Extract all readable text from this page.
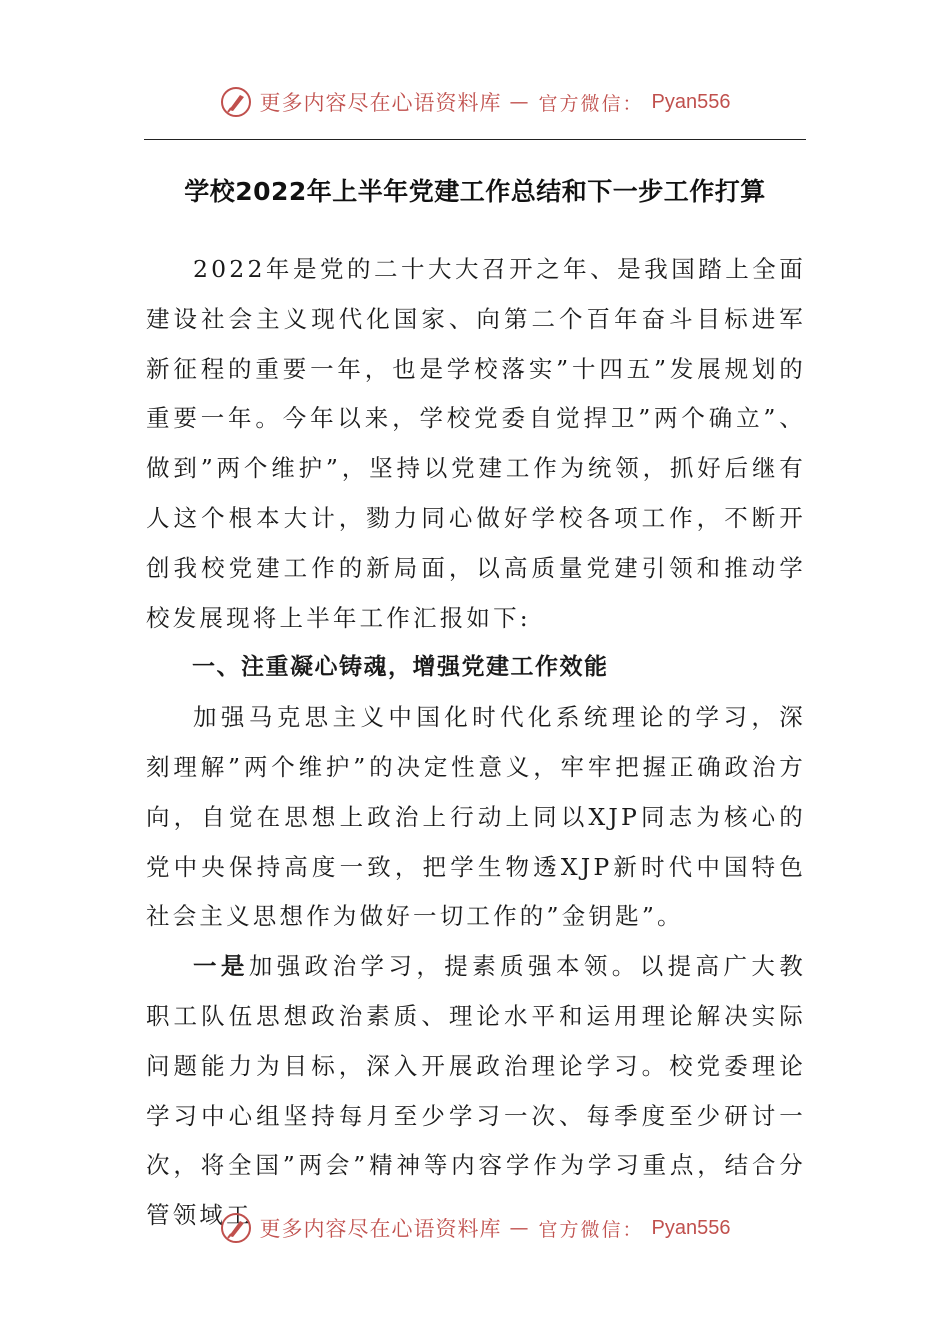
更多内容尽在心语资料库 — 官方微信： Pyan556
学校2022年上半年党建工作总结和下一步工作打算

2022年是党的二十大大召开之年、是我国踏上全面建设社会主义现代化国家、向第二个百年奋斗目标进军新征程的重要一年，也是学校落实”十四五”发展规划的重要一年。今年以来，学校党委自觉捍卫”两个确立”、做到”两个维护”，坚持以党建工作为统领，抓好后继有人这个根本大计，勠力同心做好学校各项工作，不断开创我校党建工作的新局面，以高质量党建引领和推动学校发展现将上半年工作汇报如下:

一、注重凝心铸魂，增强党建工作效能

加强马克思主义中国化时代化系统理论的学习，深刻理解”两个维护”的决定性意义，牢牢把握正确政治方向，自觉在思想上政治上行动上同以XJP同志为核心的党中央保持高度一致，把学生物透XJP新时代中国特色社会主义思想作为做好一切工作的”金钥匙”。

一是加强政治学习，提素质强本领。以提高广大教职工队伍思想政治素质、理论水平和运用理论解决实际问题能力为目标，深入开展政治理论学习。校党委理论学习中心组坚持每月至少学习一次、每季度至少研讨一次，将全国”两会”精神等内容学作为学习重点，结合分管领域工 更多内容尽在心语资料库 — 官方微信： Pyan556
